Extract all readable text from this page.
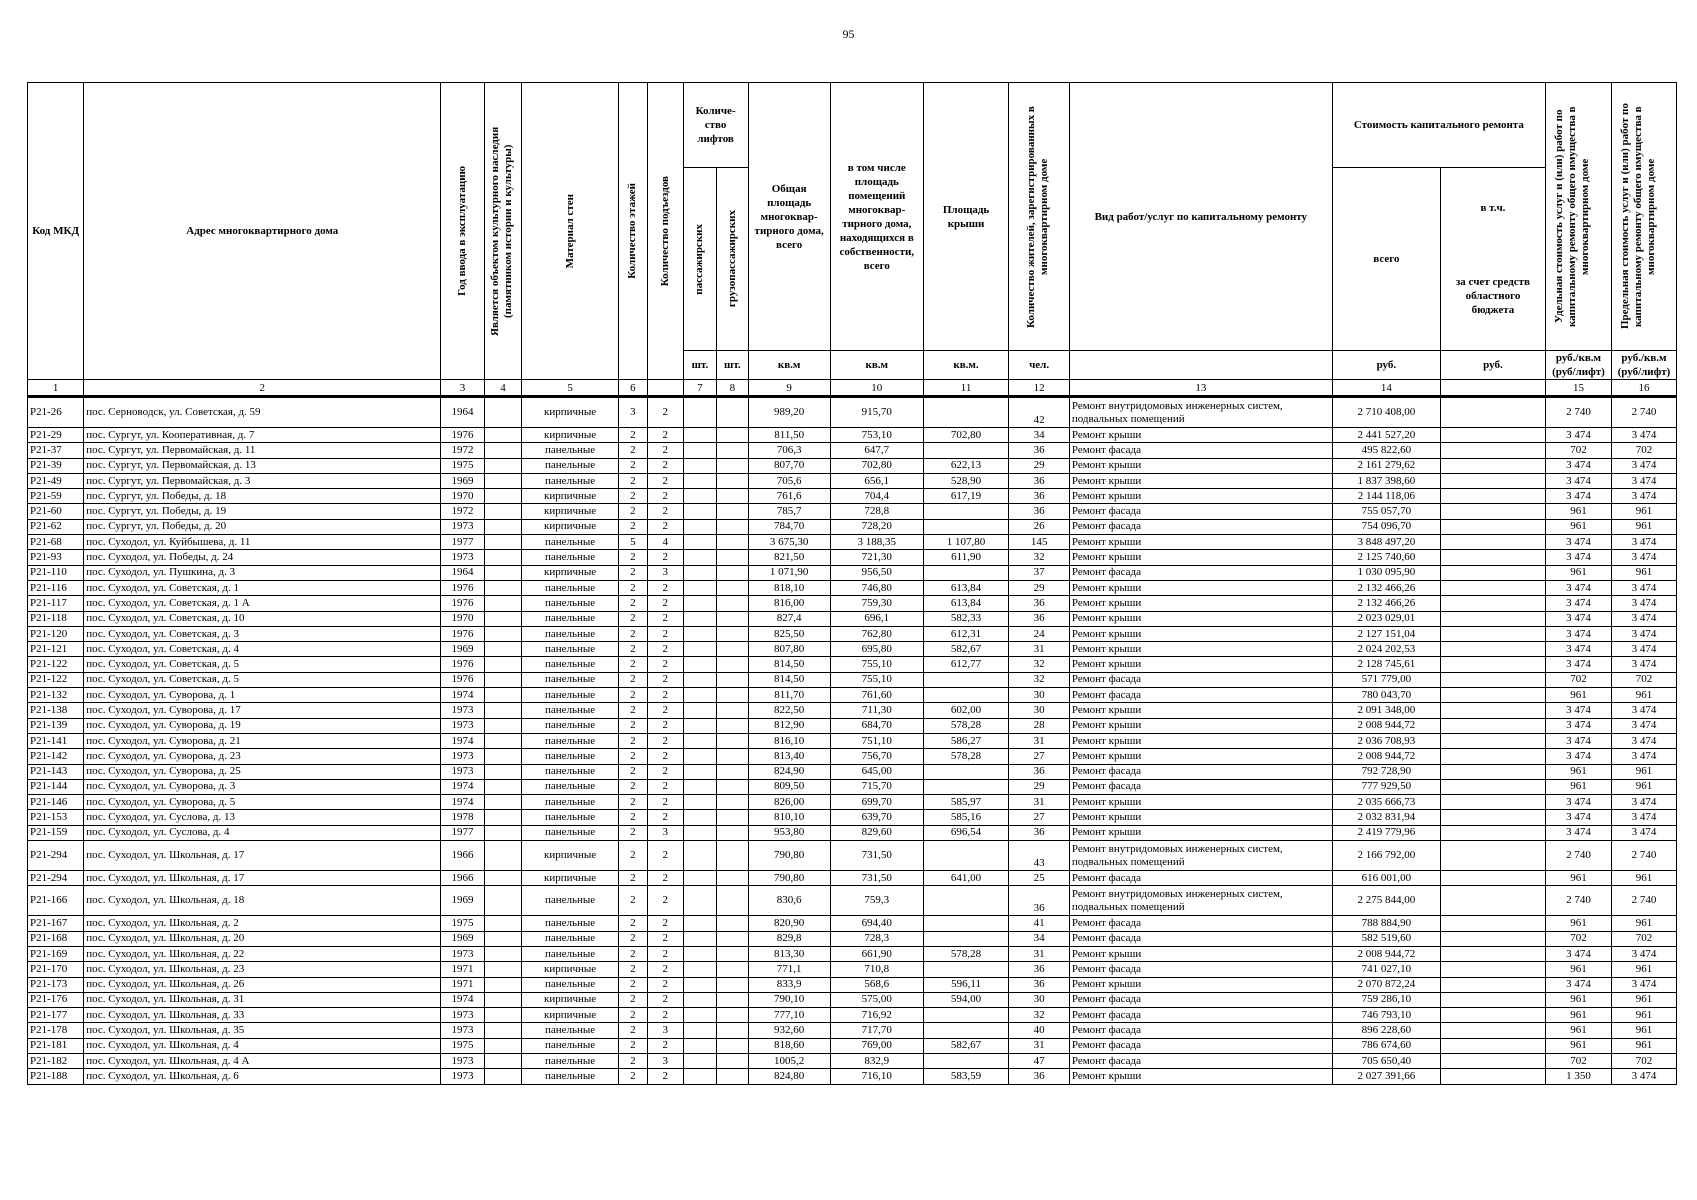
95
Код МКД	Адрес многоквартирного дома	Год ввода в эксплуатацию	Является объектом культурного наследия (памятником истории и культуры)	Материал стен	Количество этажей	Количество подъездов	Количе-ство лифтов		Общая площадь многоквар-тирного дома, всего	в том числе площадь помещений многоквар-тирного дома, находящихся в собственности, всего	Площадь крыши	Количество жителей, зарегистрированных в многоквартирном доме	Вид работ/услуг по капитальному ремонту	Стоимость капитального ремонта		Удельная стоимость услуг и (или) работ по капитальному ремонту общего имущества в многоквартирном доме	Предельная стоимость услуг и (или) работ по капитальному ремонту общего имущества в многоквартирном доме

							пассажирских	грузопассажирских						всего	в т.ч.
за счет средств областного бюджета		

							шт.	шт.	кв.м	кв.м	кв.м.	чел.		руб.	руб.	руб./кв.м (руб/лифт)	руб./кв.м (руб/лифт)
1	2	3	4	5	6		7	8	9	10	11	12	13	14		15	16
Р21-26	пос. Серноводск, ул. Советская, д. 59	1964		кирпичные	3	2			989,20	915,70		42	Ремонт внутридомовых инженерных систем, подвальных помещений	2 710 408,00		2 740	2 740
Р21-29	пос. Сургут, ул. Кооперативная, д. 7	1976		кирпичные	2	2			811,50	753,10	702,80	34	Ремонт крыши	2 441 527,20		3 474	3 474
Р21-37	пос. Сургут, ул. Первомайская, д. 11	1972		панельные	2	2			706,3	647,7		36	Ремонт фасада	495 822,60		702	702
Р21-39	пос. Сургут, ул. Первомайская, д. 13	1975		панельные	2	2			807,70	702,80	622,13	29	Ремонт крыши	2 161 279,62		3 474	3 474
Р21-49	пос. Сургут, ул. Первомайская, д. 3	1969		панельные	2	2			705,6	656,1	528,90	36	Ремонт крыши	1 837 398,60		3 474	3 474
Р21-59	пос. Сургут, ул. Победы, д. 18	1970		кирпичные	2	2			761,6	704,4	617,19	36	Ремонт крыши	2 144 118,06		3 474	3 474
Р21-60	пос. Сургут, ул. Победы, д. 19	1972		кирпичные	2	2			785,7	728,8		36	Ремонт фасада	755 057,70		961	961
Р21-62	пос. Сургут, ул. Победы, д. 20	1973		кирпичные	2	2			784,70	728,20		26	Ремонт фасада	754 096,70		961	961
Р21-68	пос. Суходол, ул. Куйбышева, д. 11	1977		панельные	5	4			3 675,30	3 188,35	1 107,80	145	Ремонт крыши	3 848 497,20		3 474	3 474
Р21-93	пос. Суходол, ул. Победы, д. 24	1973		панельные	2	2			821,50	721,30	611,90	32	Ремонт крыши	2 125 740,60		3 474	3 474
Р21-110	пос. Суходол, ул. Пушкина, д. 3	1964		кирпичные	2	3			1 071,90	956,50		37	Ремонт фасада	1 030 095,90		961	961
Р21-116	пос. Суходол, ул. Советская, д. 1	1976		панельные	2	2			818,10	746,80	613,84	29	Ремонт крыши	2 132 466,26		3 474	3 474
Р21-117	пос. Суходол, ул. Советская, д. 1 А	1976		панельные	2	2			816,00	759,30	613,84	36	Ремонт крыши	2 132 466,26		3 474	3 474
Р21-118	пос. Суходол, ул. Советская, д. 10	1970		панельные	2	2			827,4	696,1	582,33	36	Ремонт крыши	2 023 029,01		3 474	3 474
Р21-120	пос. Суходол, ул. Советская, д. 3	1976		панельные	2	2			825,50	762,80	612,31	24	Ремонт крыши	2 127 151,04		3 474	3 474
Р21-121	пос. Суходол, ул. Советская, д. 4	1969		панельные	2	2			807,80	695,80	582,67	31	Ремонт крыши	2 024 202,53		3 474	3 474
Р21-122	пос. Суходол, ул. Советская, д. 5	1976		панельные	2	2			814,50	755,10	612,77	32	Ремонт крыши	2 128 745,61		3 474	3 474
Р21-122	пос. Суходол, ул. Советская, д. 5	1976		панельные	2	2			814,50	755,10		32	Ремонт фасада	571 779,00		702	702
Р21-132	пос. Суходол, ул. Суворова, д. 1	1974		панельные	2	2			811,70	761,60		30	Ремонт фасада	780 043,70		961	961
Р21-138	пос. Суходол, ул. Суворова, д. 17	1973		панельные	2	2			822,50	711,30	602,00	30	Ремонт крыши	2 091 348,00		3 474	3 474
Р21-139	пос. Суходол, ул. Суворова, д. 19	1973		панельные	2	2			812,90	684,70	578,28	28	Ремонт крыши	2 008 944,72		3 474	3 474
Р21-141	пос. Суходол, ул. Суворова, д. 21	1974		панельные	2	2			816,10	751,10	586,27	31	Ремонт крыши	2 036 708,93		3 474	3 474
Р21-142	пос. Суходол, ул. Суворова, д. 23	1973		панельные	2	2			813,40	756,70	578,28	27	Ремонт крыши	2 008 944,72		3 474	3 474
Р21-143	пос. Суходол, ул. Суворова, д. 25	1973		панельные	2	2			824,90	645,00		36	Ремонт фасада	792 728,90		961	961
Р21-144	пос. Суходол, ул. Суворова, д. 3	1974		панельные	2	2			809,50	715,70		29	Ремонт фасада	777 929,50		961	961
Р21-146	пос. Суходол, ул. Суворова, д. 5	1974		панельные	2	2			826,00	699,70	585,97	31	Ремонт крыши	2 035 666,73		3 474	3 474
Р21-153	пос. Суходол, ул. Суслова, д. 13	1978		панельные	2	2			810,10	639,70	585,16	27	Ремонт крыши	2 032 831,94		3 474	3 474
Р21-159	пос. Суходол, ул. Суслова, д. 4	1977		панельные	2	3			953,80	829,60	696,54	36	Ремонт крыши	2 419 779,96		3 474	3 474
Р21-294	пос. Суходол, ул. Школьная, д. 17	1966		кирпичные	2	2			790,80	731,50		43	Ремонт внутридомовых инженерных систем, подвальных помещений	2 166 792,00		2 740	2 740
Р21-294	пос. Суходол, ул. Школьная, д. 17	1966		кирпичные	2	2			790,80	731,50	641,00	25	Ремонт фасада	616 001,00		961	961
Р21-166	пос. Суходол, ул. Школьная, д. 18	1969		панельные	2	2			830,6	759,3		36	Ремонт внутридомовых инженерных систем, подвальных помещений	2 275 844,00		2 740	2 740
Р21-167	пос. Суходол, ул. Школьная, д. 2	1975		панельные	2	2			820,90	694,40		41	Ремонт фасада	788 884,90		961	961
Р21-168	пос. Суходол, ул. Школьная, д. 20	1969		панельные	2	2			829,8	728,3		34	Ремонт фасада	582 519,60		702	702
Р21-169	пос. Суходол, ул. Школьная, д. 22	1973		панельные	2	2			813,30	661,90	578,28	31	Ремонт крыши	2 008 944,72		3 474	3 474
Р21-170	пос. Суходол, ул. Школьная, д. 23	1971		кирпичные	2	2			771,1	710,8		36	Ремонт фасада	741 027,10		961	961
Р21-173	пос. Суходол, ул. Школьная, д. 26	1971		панельные	2	2			833,9	568,6	596,11	36	Ремонт крыши	2 070 872,24		3 474	3 474
Р21-176	пос. Суходол, ул. Школьная, д. 31	1974		кирпичные	2	2			790,10	575,00	594,00	30	Ремонт фасада	759 286,10		961	961
Р21-177	пос. Суходол, ул. Школьная, д. 33	1973		кирпичные	2	2			777,10	716,92		32	Ремонт фасада	746 793,10		961	961
Р21-178	пос. Суходол, ул. Школьная, д. 35	1973		панельные	2	3			932,60	717,70		40	Ремонт фасада	896 228,60		961	961
Р21-181	пос. Суходол, ул. Школьная, д. 4	1975		панельные	2	2			818,60	769,00	582,67	31	Ремонт фасада	786 674,60		961	961
Р21-182	пос. Суходол, ул. Школьная, д. 4 А	1973		панельные	2	3			1005,2	832,9		47	Ремонт фасада	705 650,40		702	702
Р21-188	пос. Суходол, ул. Школьная, д. 6	1973		панельные	2	2			824,80	716,10	583,59	36	Ремонт крыши	2 027 391,66		1 350	3 474
